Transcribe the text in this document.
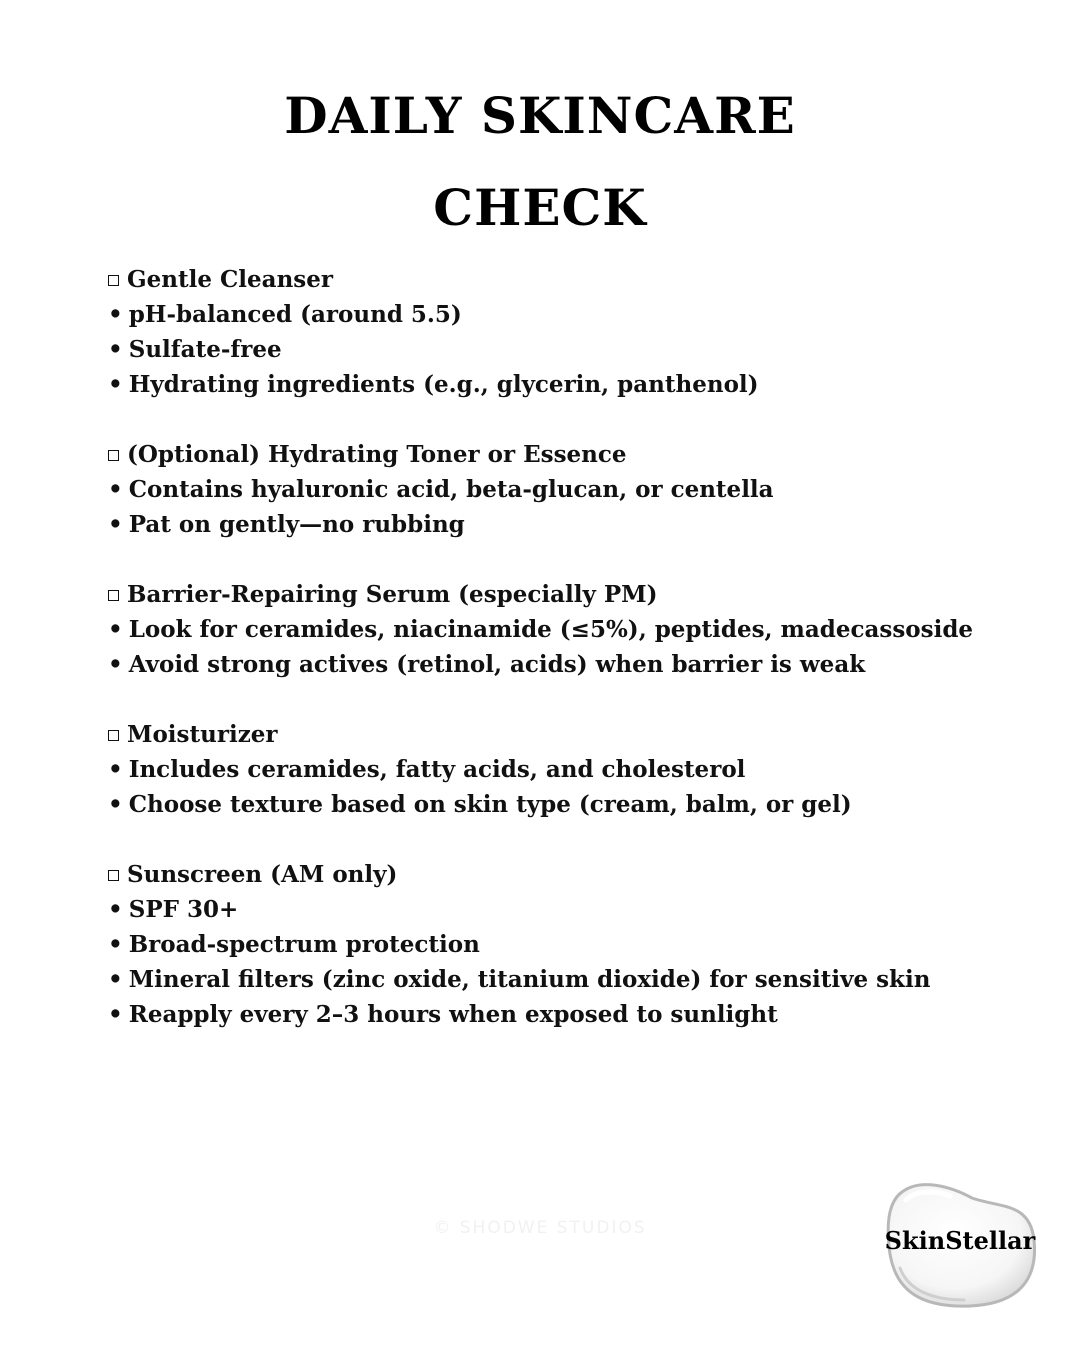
DAILY SKINCARE
CHECK
Gentle Cleanser
• pH-balanced (around 5.5)
• Sulfate-free
• Hydrating ingredients (e.g., glycerin, panthenol)
(Optional) Hydrating Toner or Essence
• Contains hyaluronic acid, beta-glucan, or centella
• Pat on gently—no rubbing
Barrier-Repairing Serum (especially PM)
• Look for ceramides, niacinamide (≤5%), peptides, madecassoside
• Avoid strong actives (retinol, acids) when barrier is weak
Moisturizer
• Includes ceramides, fatty acids, and cholesterol
• Choose texture based on skin type (cream, balm, or gel)
Sunscreen (AM only)
• SPF 30+
• Broad-spectrum protection
• Mineral filters (zinc oxide, titanium dioxide) for sensitive skin
• Reapply every 2–3 hours when exposed to sunlight
© SHODWE STUDIOS	SkinStellar
